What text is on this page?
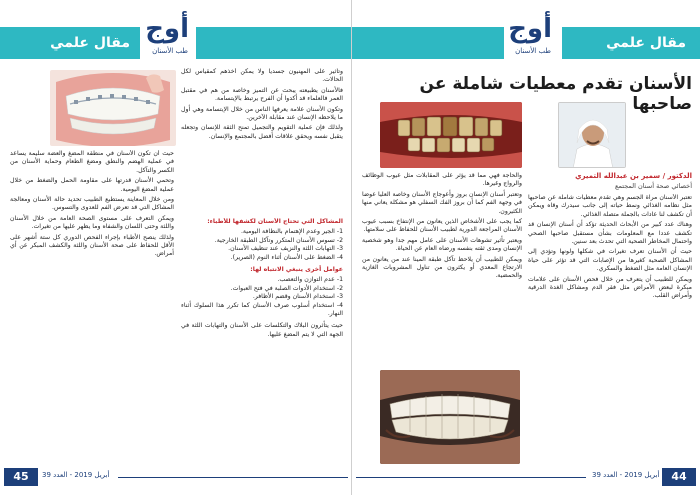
مقال علمي أوج
طب الأسنان

وتأثير على المهنيون جسديا ولا يمكن أخذهم كمقياس لكل الحالات.

فالأسنان يطبيعته يبحث عن التميز وخاصة من هم في مقتبل العمر فالعلماء قد أكدوا أن الفرح يرتبط بالإبتسامة.

وتكون الأسنان علامة يعرفها الناس من خلال الإبتسامة وهي أول ما يلاحظه الإنسان عند مقابلة الآخرين.

ولذلك فإن عملية التقويم والتجميل تمنح الثقة للإنسان وتجعله يتقبل نفسه ويحقق علاقات أفضل بالمجتمع والإنسان.

المشاكل التي تحتاج الأسنان لكشفها للأطباء:

1- الجير وعدم الإهتمام بالنظافة اليومية.
2- تسوس الأسنان المتكرر وتآكل الطبقة الخارجية.
3- التهابات اللثة والنزيف عند تنظيف الأسنان.
4- الضغط على الأسنان أثناء النوم (الصرير).

عوامل أخرى ينبغي الانتباه لها:

1- عدم التوازن والتعصب.
2- استخدام الأدوات الصلبة في فتح العبوات.
3- استخدام الأسنان وقضم الأظافر.
4- استخدام أسلوب صرف الأسنان كما تكرر هذا السلوك أثناء النهار.

حيث يتأثرون البلاك والتكلسات على الأسنان والتهابات اللثة في الجهة التي لا يتم المضغ عليها.

حيث أن تكون الأسنان في منطقة المضغ والعضة سليمة يساعد في عملية الهضم والنطق ومضغ الطعام وحماية الأسنان من الكسر والتآكل.

وتحمي الأسنان قدرتها على مقاومة الحمل والضغط من خلال عملية المضغ اليومية.

ومن خلال المعاينة يستطيع الطبيب تحديد حالة الأسنان ومعالجة المشاكل التي قد تعرض الفم للعدوى والتسوس.

ويمكن التعرف على مستوى الصحة العامة من خلال الأسنان واللثة وحتى اللسان والشفاه وما يظهر عليها من تغيرات.

ولذلك ينصح الأطباء بإجراء الفحص الدوري كل ستة أشهر على الأقل للحفاظ على صحة الأسنان واللثة والكشف المبكر عن أي أمراض.

45	أبريل 2019 - العدد 39
أوج
طب الأسنان	مقال علمي
الأسنان تقدم معطيات شاملة عن صاحبها
الدكتور / سمير بن عبدالله التميري
أخصائي صحة أسنان المجتمع

تعتبر الأسنان مرآة الجسم وهي تقدم معطيات شاملة عن صاحبها مثل نظامه الغذائي ونمط حياته إلى جانب سيدرك وقاه ويمكن أن تكشف لنا عادات بالجملة متصلة الغذائي.

وهناك عدد كبير من الأبحاث الحديثة تؤكد أن أسنان الإنسان قد تكشف عددا مع المعلومات بشأن مستقبل صاحبها الصحي واحتمال المخاطر الصحية التي تحدث بعد سنين.

حيث أن الأسنان تعرف تغيرات في شكلها ولونها وتؤدي إلى المشاكل الصحية كغيرها من الإصابات التي قد تؤثر على حياة الإنسان العامة مثل الضغط والسكري.

ويمكن للطبيب أن يتعرف من خلال فحص الأسنان على علامات مبكرة لبعض الأمراض مثل فقر الدم ومشاكل الغدة الدرقية وأمراض القلب.

والحاجة فهي مما قد يؤثر على المقابلات مثل عيوب الوظائف والرواج وغيرها.

وتعتبر أسنان الإنسان بروز وأعوجاج الأسنان وخاصة العليا عوضا في وجهة الفم كما أن بروز الفك السفلي هو مشكلة يعاني منها الكثيرون.

كما يجب على الأشخاص الذين يعانون من الإنتفاخ بسبب عيوب الأسنان المراجعة الدورية لطبيب الأسنان للحفاظ على سلامتها.

ويعتبر تأثير تشوهات الأسنان على عامل مهم جدا وهو شخصية الإنسان ومدى ثقته بنفسه ورضاه العام عن الحياة.

ويمكن للطبيب أن يلاحظ تآكل طبقة المينا عند من يعانون من الارتجاع المعدي أو يكثرون من تناول المشروبات الغازية والحمضية.

أبريل 2019 - العدد 39	44
